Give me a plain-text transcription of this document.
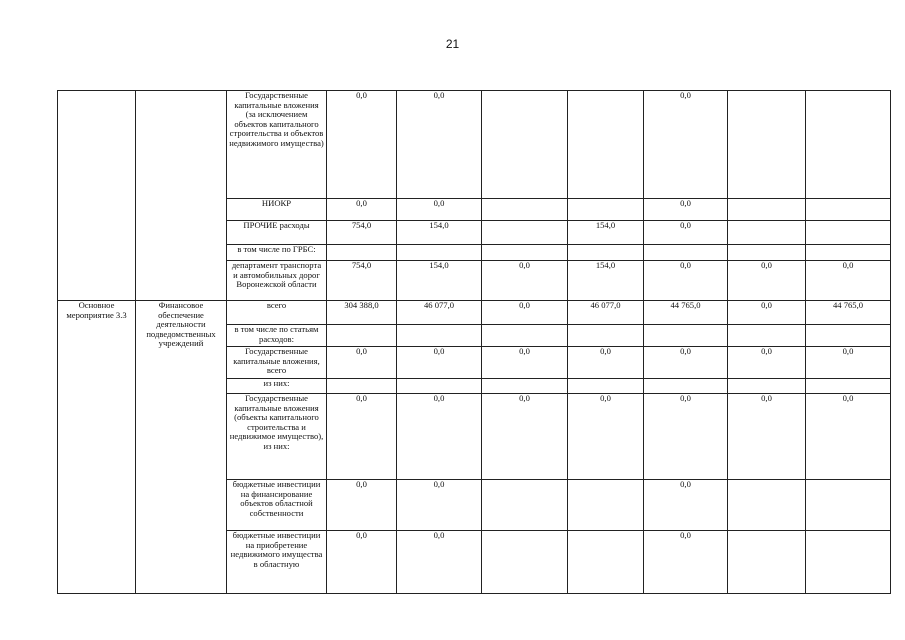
21
		Государственные капитальные вложения (за исключением объектов капитального строительства и объектов недвижимого имущества)	0,0	0,0			0,0		
		НИОКР	0,0	0,0			0,0		
		ПРОЧИЕ расходы	754,0	154,0		154,0	0,0		
		в том числе по ГРБС:							
		департамент транспорта и автомобильных дорог Воронежской области	754,0	154,0	0,0	154,0	0,0	0,0	0,0
Основное мероприятие 3.3	Финансовое обеспечение деятельности подведомственных учреждений	всего	304 388,0	46 077,0	0,0	46 077,0	44 765,0	0,0	44 765,0
		в том числе по статьям расходов:							
		Государственные капитальные вложения, всего	0,0	0,0	0,0	0,0	0,0	0,0	0,0
		из них:							
		Государственные капитальные вложения (объекты капитального строительства и недвижимое имущество), из них:	0,0	0,0	0,0	0,0	0,0	0,0	0,0
		бюджетные инвестиции на финансирование объектов областной собственности	0,0	0,0			0,0		
		бюджетные инвестиции на приобретение недвижимого имущества в областную	0,0	0,0			0,0		
